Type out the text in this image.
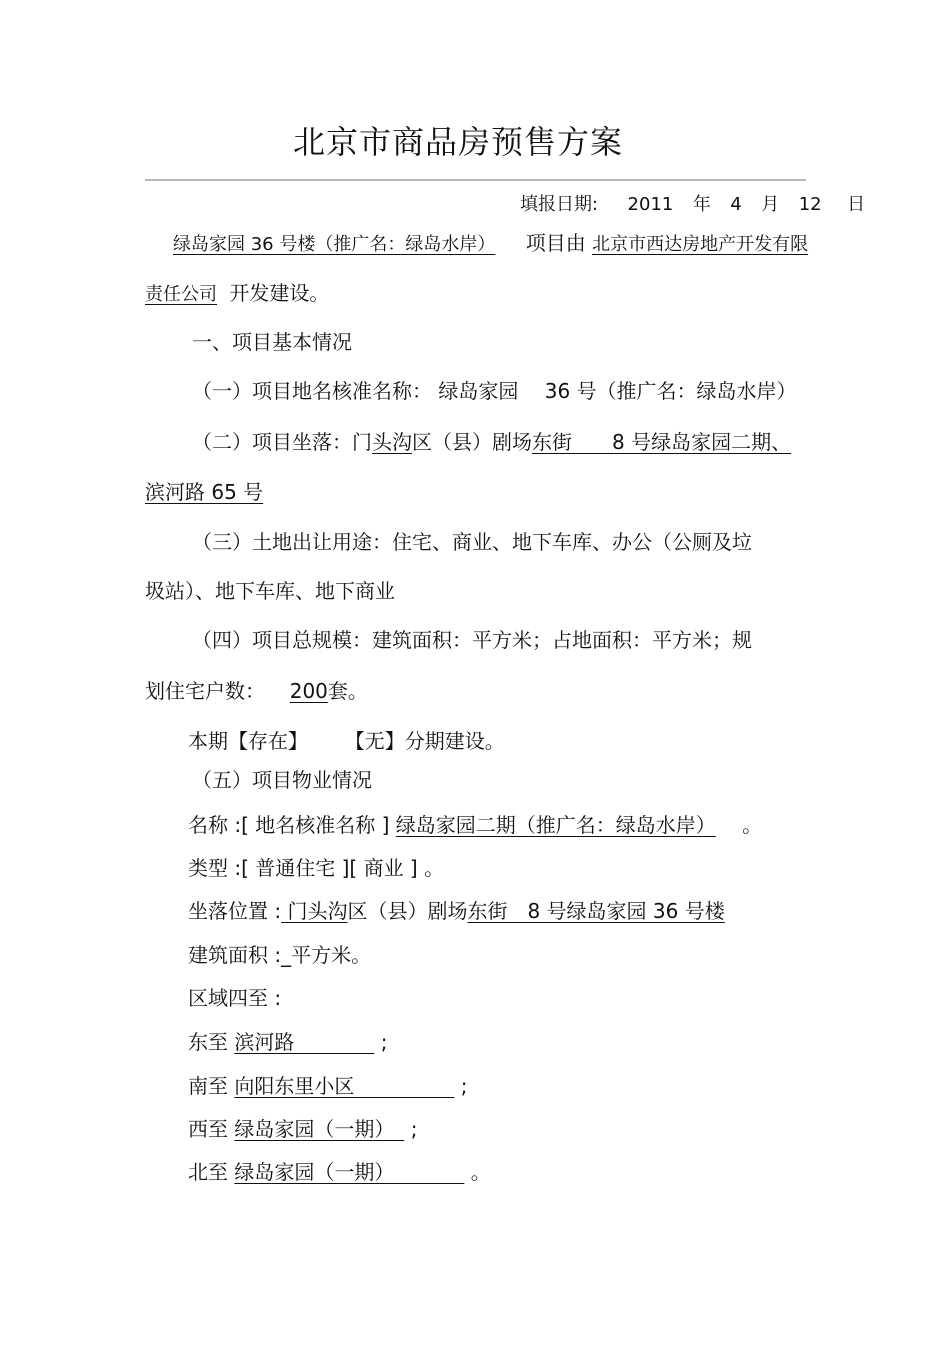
北京市商品房预售方案
填报日期: 2011 年 4 月 12 日
绿岛家园 36 号楼（推广名：绿岛水岸） 项目由 北京市西达房地产开发有限
责任公司 开发建设。
一、项目基本情况
（一）项目地名核准名称： 绿岛家园　 36 号（推广名：绿岛水岸）
（二）项目坐落：门头沟区（县）剧场东街　　8 号绿岛家园二期、
滨河路 65 号
（三）土地出让用途：住宅、商业、地下车库、办公（公厕及垃
圾站）、地下车库、地下商业
（四）项目总规模：建筑面积：平方米；占地面积：平方米；规
划住宅户数： 200套。
本期【存在】 【无】分期建设。
（五）项目物业情况
名称 :[ 地名核准名称 ] 绿岛家园二期（推广名：绿岛水岸） 。
类型 :[ 普通住宅 ][ 商业 ] 。
坐落位置 : 门头沟区（县）剧场东街　8 号绿岛家园 36 号楼
建筑面积 :_平方米。
区域四至 :
东至 滨河路　　　　 ;
南至 向阳东里小区　　　　　 ;
西至 绿岛家园（一期）　 ;
北至 绿岛家园（一期）　　　　 。
